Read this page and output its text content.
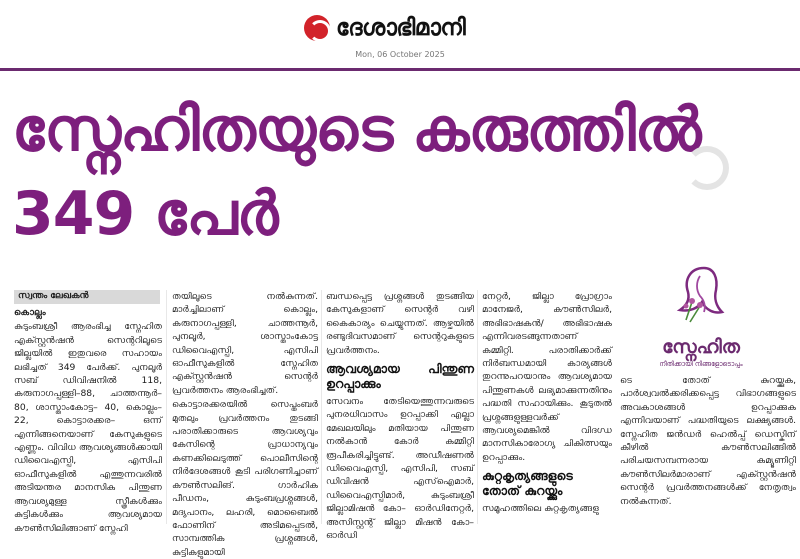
ദേശാഭിമാനി
Mon, 06 October 2025
സ്നേഹിതയുടെ കരുത്തിൽ
349 പേർ
സ്വന്തം ലേഖകൻ

കൊല്ലം

കുടുംബശ്രീ ആരംഭിച്ച സ്നേഹിത എക്സ്റ്റൻഷൻ സെന്ററിലൂടെ ജില്ലയിൽ ഇതുവരെ സഹായം ലഭിച്ചത് 349 പേർക്ക്. പുനലൂർ സബ് ഡിവിഷനിൽ 118, കരുനാഗപ്പള്ളി–88, ചാത്തന്നൂർ–80, ശാസ്താംകോട്ട– 40, കൊല്ലം– 22, കൊട്ടാരക്കര– ഒന്ന് എന്നിങ്ങനെയാണ് കേസുകളുടെ എണ്ണം. വിവിധ ആവശ്യങ്ങൾക്കായി ഡിവൈഎസ്പി, എസിപി ഓഫീസുകളിൽ എത്തുന്നവരിൽ അടിയന്തര മാനസിക പിന്തുണ ആവശ്യമുള്ള സ്ത്രീകൾക്കും കുട്ടികൾക്കും ആവശ്യമായ കൗൺസിലിങ്ങാണ് സ്നേഹി

തയിലൂടെ നൽകുന്നത്. മാർച്ചിലാണ് കൊല്ലം, കരുനാഗപ്പള്ളി, ചാത്തന്നൂർ, പുനലൂർ, ശാസ്താംകോട്ട ഡിവൈഎസ്പി, എസിപി ഓഫീസുകളിൽ സ്നേഹിത എക്സ്റ്റൻഷൻ സെന്റർ പ്രവർത്തനം ആരംഭിച്ചത്.

കൊട്ടാരക്കരയിൽ സെപ്തംബർ മുതലും പ്രവർത്തനം തുടങ്ങി പരാതിക്കാരുടെ ആവശ്യവും കേസിന്റെ പ്രാധാന്യവും കണക്കിലെടുത്ത് പൊലീസിന്റെ നിർദേശങ്ങൾ കൂടി പരിഗണിച്ചാണ് കൗൺസലിങ്. ഗാർഹിക പീഡനം, കുടുംബപ്രശ്നങ്ങൾ, മദ്യപാനം, ലഹരി, മൊബൈൽ ഫോണിന് അടിമപ്പെടൽ, സാമ്പത്തിക പ്രശ്നങ്ങൾ, കുട്ടികളുമായി

ബന്ധപ്പെട്ട പ്രശ്നങ്ങൾ തുടങ്ങിയ കേസുകളാണ് സെന്റർ വഴി കൈകാര്യം ചെയ്യുന്നത്. ആഴ്ചയിൽ രണ്ടുദിവസമാണ് സെന്ററുകളുടെ പ്രവർത്തനം.

ആവശ്യമായ പിന്തുണ ഉറപ്പാക്കും

സേവനം തേടിയെത്തുന്നവരുടെ പുനരധിവാസം ഉറപ്പാക്കി എല്ലാ മേഖലയിലും മതിയായ പിന്തുണ നൽകാൻ കോർ കമ്മിറ്റി രൂപീകരിച്ചിട്ടുണ്ട്. അഡീഷണൽ ഡിവൈഎസ്പി, എസിപി, സബ് ഡിവിഷൻ എസ്ഐമാർ, ഡിവൈഎസ്പിമാർ, കുടുംബശ്രീ ജില്ലാമിഷൻ കോ– ഓർഡിനേറ്റർ, അസിസ്റ്റന്റ് ജില്ലാ മിഷൻ കോ– ഓർഡി

നേറ്റർ, ജില്ലാ പ്രോഗ്രാം മാനേജർ, കൗൺസിലർ, അഭിഭാഷകൻ/ അഭിഭാഷക എന്നിവരടങ്ങുന്നതാണ് കമ്മിറ്റി. പരാതിക്കാർക്ക് നിർബന്ധമായി കാര്യങ്ങൾ തുറന്നുപറയാനും ആവശ്യമായ പിന്തുണകൾ ലഭ്യമാക്കുന്നതിനും പദ്ധതി സഹായിക്കും. കൂടുതൽ പ്രശ്നങ്ങളുള്ളവർക്ക് ആവശ്യമെങ്കിൽ വിദഗ്ധ മാനസികാരോഗ്യ ചികിത്സയും ഉറപ്പാക്കും.

കുറ്റകൃത്യങ്ങളുടെ തോത് കുറയ്ക്കും

സമൂഹത്തിലെ കുറ്റകൃത്യങ്ങളു

സ്നേഹിത
നീതിക്കായി നിങ്ങളോടൊപ്പം

ടെ തോത് കുറയ്ക്കുക, പാർശ്വവൽക്കരിക്കപ്പെട്ട വിഭാഗങ്ങളുടെ അവകാശങ്ങൾ ഉറപ്പാക്കുക എന്നിവയാണ് പദ്ധതിയുടെ ലക്ഷ്യങ്ങൾ. സ്നേഹിത ജൻഡർ ഹെൽപ്പ് ഡെസ്കിന് കീഴിൽ കൗൺസലിങ്ങിൽ പരിചയസമ്പന്നരായ കമ്യൂണിറ്റി കൗൺസിലർമാരാണ് എക്സ്റ്റൻഷൻ സെന്റർ പ്രവർത്തനങ്ങൾക്ക് നേതൃത്വം നൽകുന്നത്.
